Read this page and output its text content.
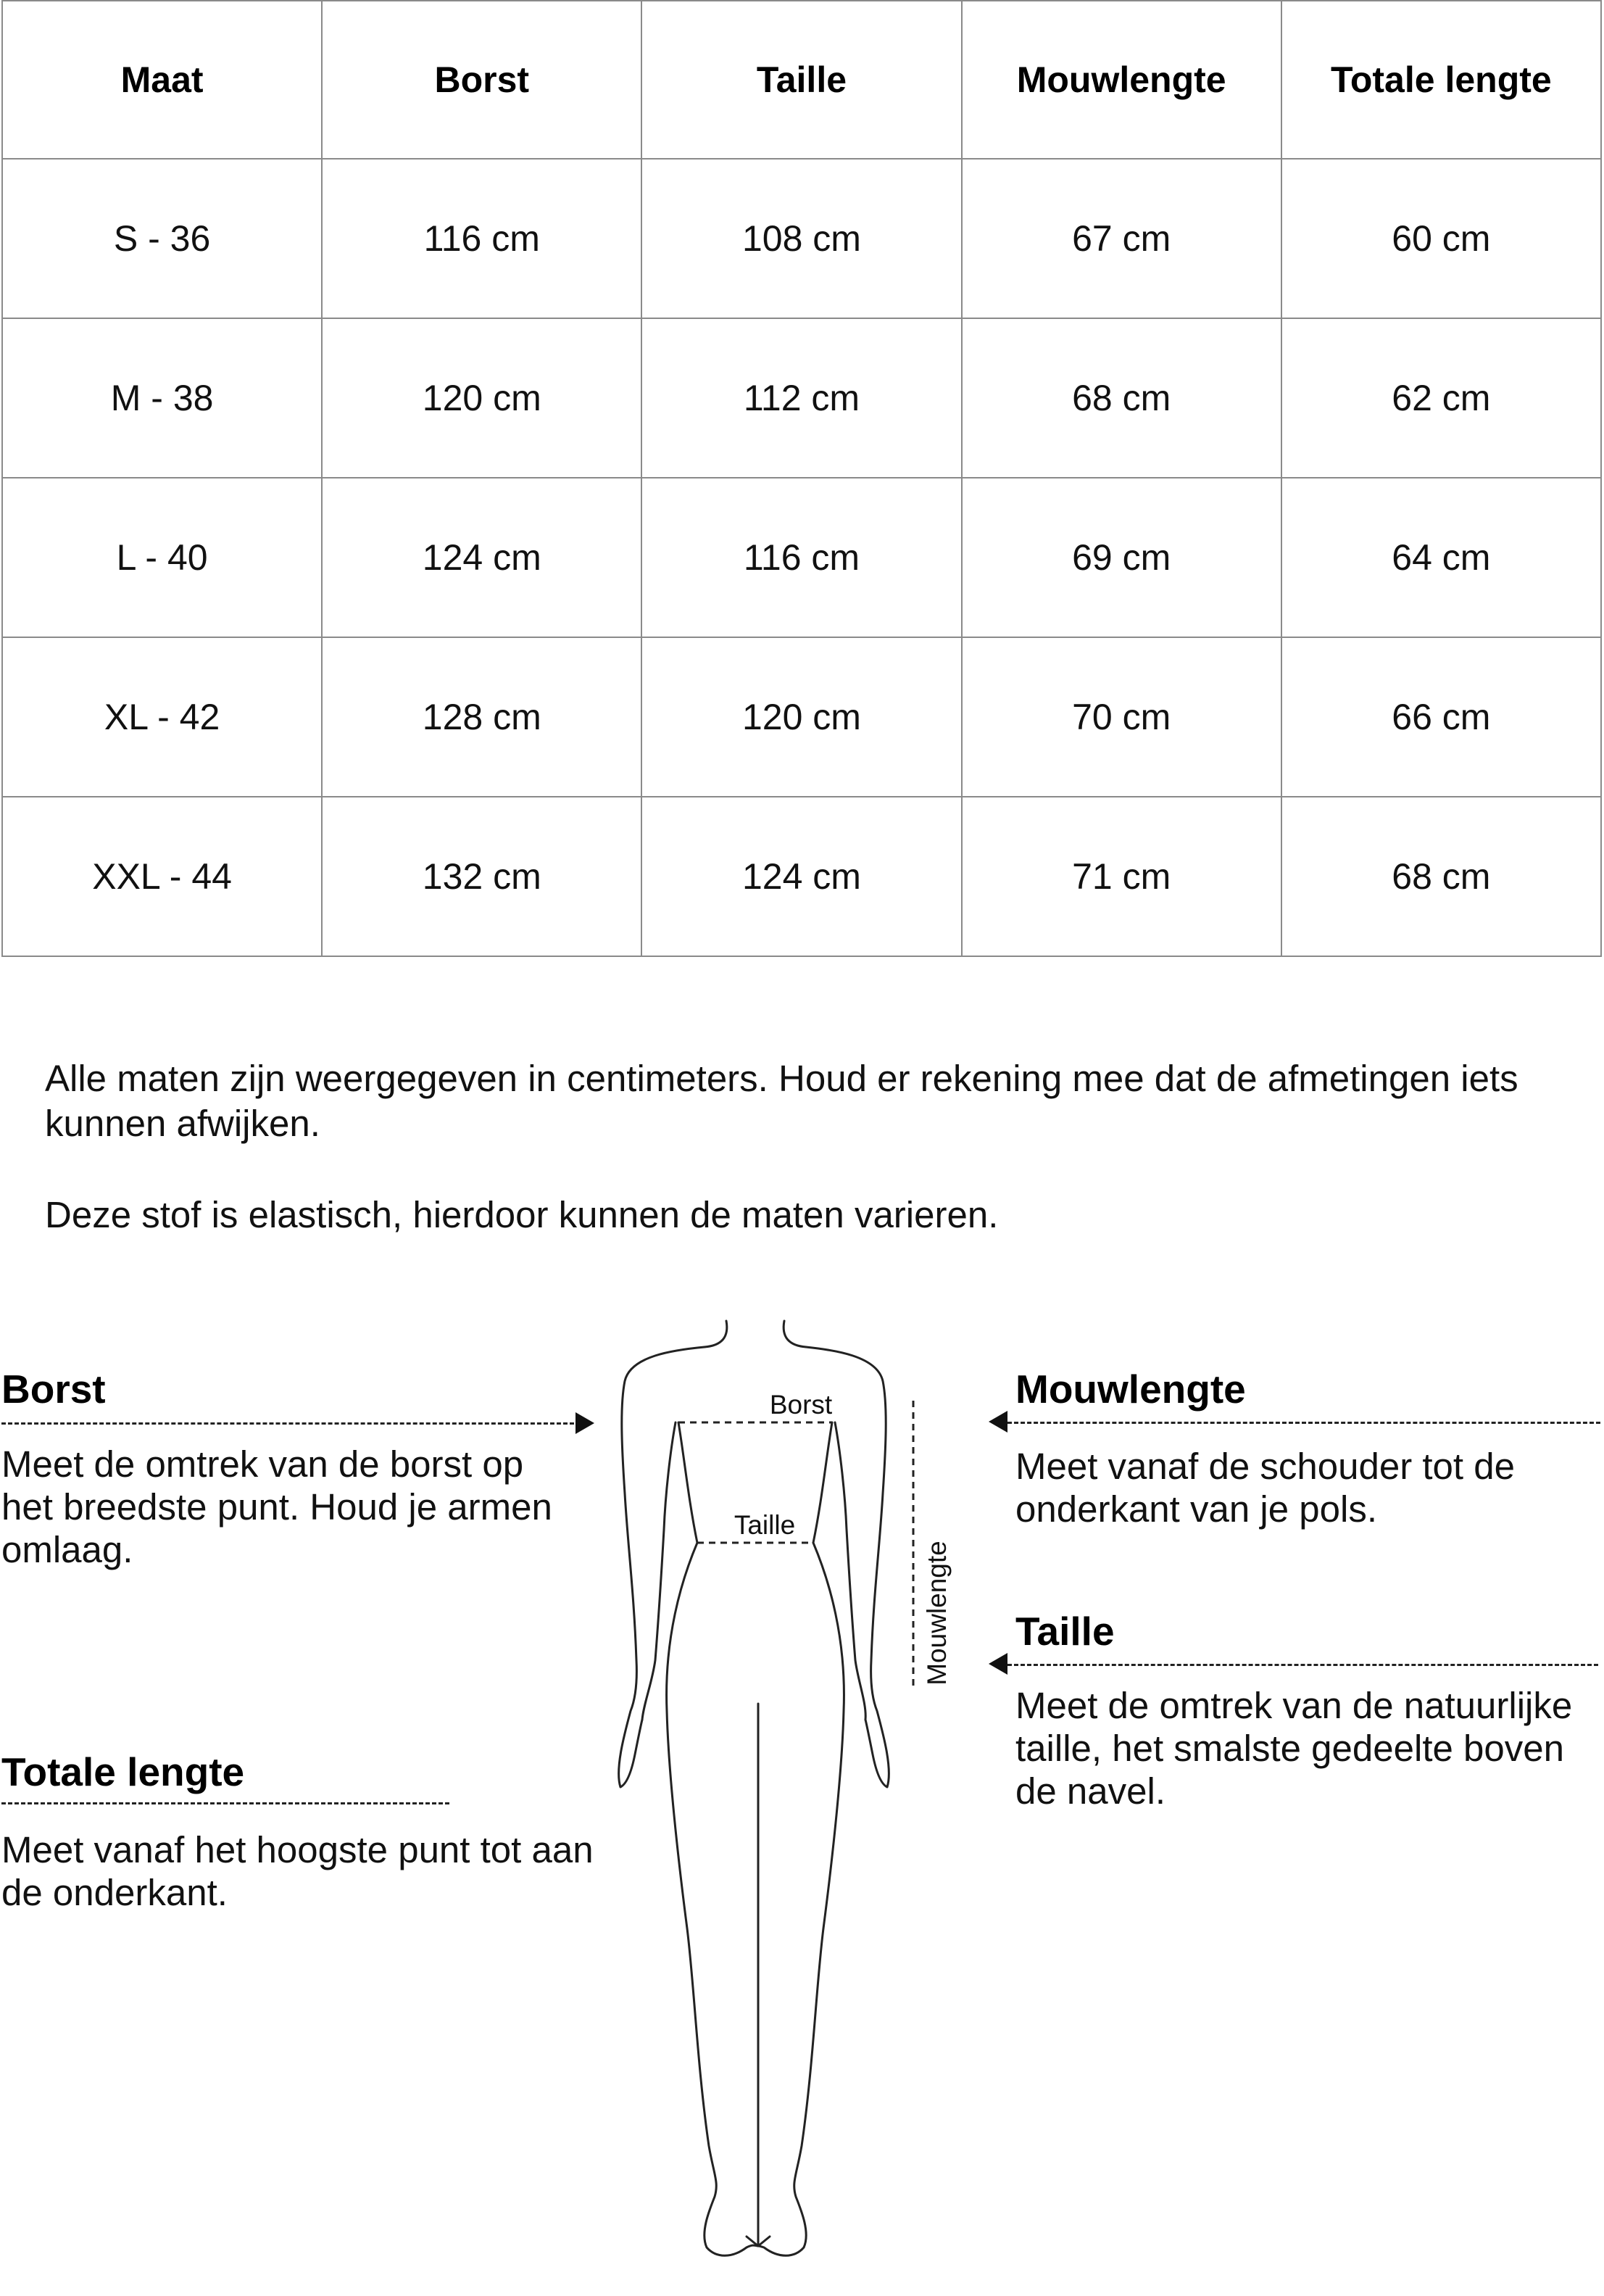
Maat	Borst	Taille	Mouwlengte	Totale lengte
S - 36	116 cm	108 cm	67 cm	60 cm
M - 38	120 cm	112 cm	68 cm	62 cm
L - 40	124 cm	116 cm	69 cm	64 cm
XL - 42	128 cm	120 cm	70 cm	66 cm
XXL - 44	132 cm	124 cm	71 cm	68 cm

Alle maten zijn weergegeven in centimeters. Houd er rekening mee dat de afmetingen iets kunnen afwijken.

Deze stof is elastisch, hierdoor kunnen de maten varieren.

Borst

Meet de omtrek van de borst op het breedste punt. Houd je armen omlaag.

Totale lengte

Meet vanaf het hoogste punt tot aan de onderkant.

Mouwlengte

Meet vanaf de schouder tot de onderkant van je pols.

Taille

Meet de omtrek van de natuurlijke taille, het smalste gedeelte boven de navel.

Borst
Taille
Mouwlengte
